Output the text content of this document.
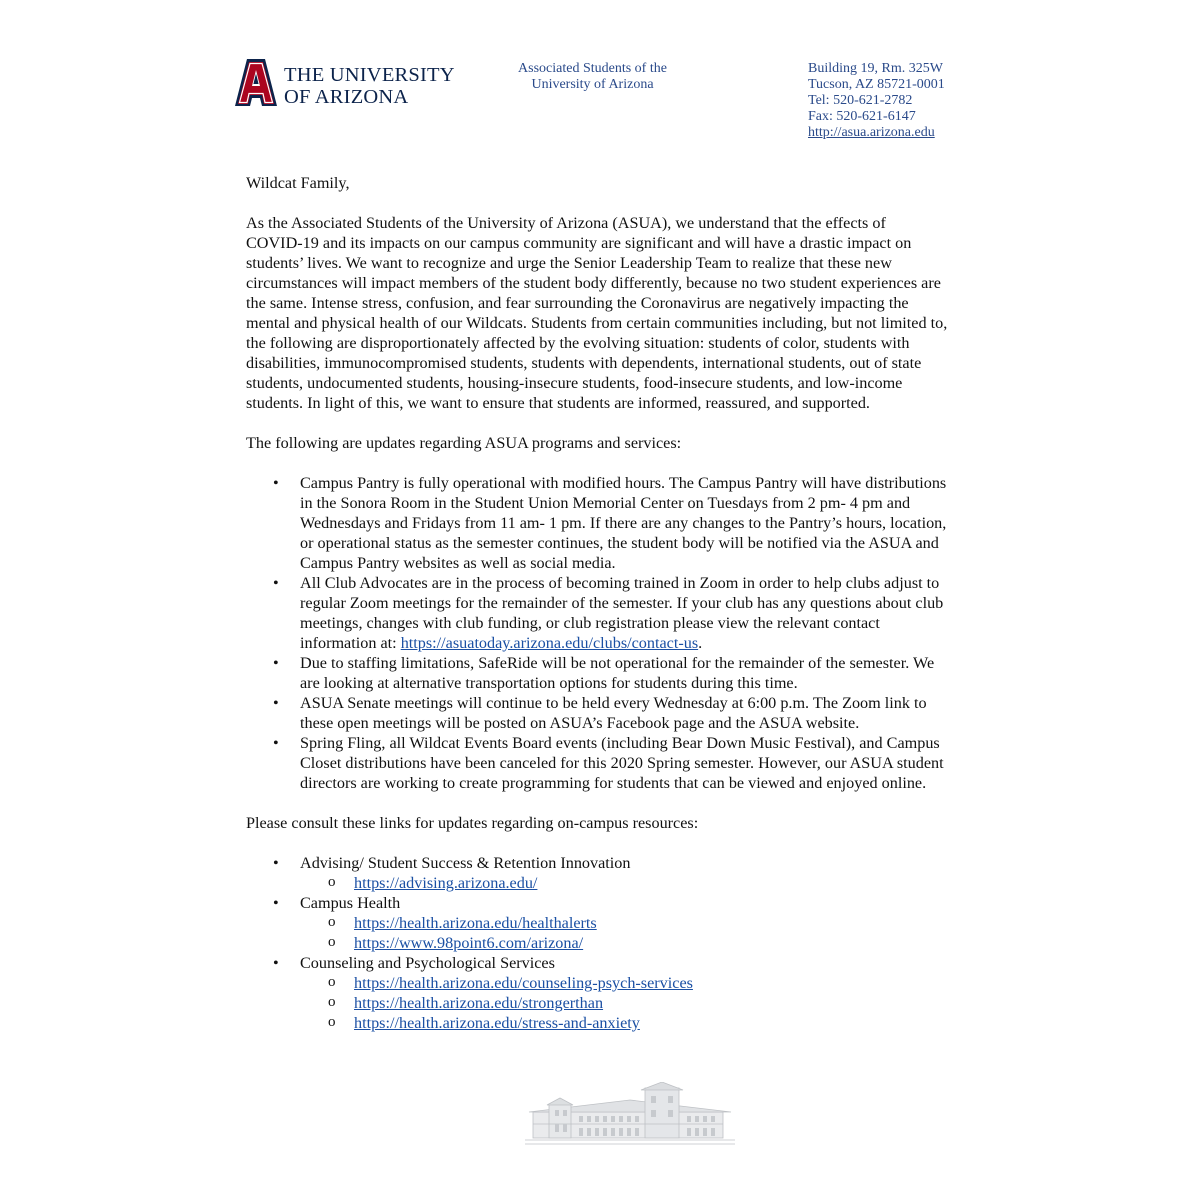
THE UNIVERSITY
OF ARIZONA
Associated Students of the
University of Arizona
Building 19, Rm. 325W
Tucson, AZ 85721-0001
Tel: 520-621-2782
Fax: 520-621-6147
http://asua.arizona.edu

Wildcat Family,

As the Associated Students of the University of Arizona (ASUA), we understand that the effects of
COVID-19 and its impacts on our campus community are significant and will have a drastic impact on
students’ lives. We want to recognize and urge the Senior Leadership Team to realize that these new
circumstances will impact members of the student body differently, because no two student experiences are
the same. Intense stress, confusion, and fear surrounding the Coronavirus are negatively impacting the
mental and physical health of our Wildcats. Students from certain communities including, but not limited to,
the following are disproportionately affected by the evolving situation: students of color, students with
disabilities, immunocompromised students, students with dependents, international students, out of state
students, undocumented students, housing-insecure students, food-insecure students, and low-income
students. In light of this, we want to ensure that students are informed, reassured, and supported.

The following are updates regarding ASUA programs and services:

• Campus Pantry is fully operational with modified hours. The Campus Pantry will have distributions
in the Sonora Room in the Student Union Memorial Center on Tuesdays from 2 pm- 4 pm and
Wednesdays and Fridays from 11 am- 1 pm. If there are any changes to the Pantry’s hours, location,
or operational status as the semester continues, the student body will be notified via the ASUA and
Campus Pantry websites as well as social media.
• All Club Advocates are in the process of becoming trained in Zoom in order to help clubs adjust to
regular Zoom meetings for the remainder of the semester. If your club has any questions about club
meetings, changes with club funding, or club registration please view the relevant contact
information at: https://asuatoday.arizona.edu/clubs/contact-us.
• Due to staffing limitations, SafeRide will be not operational for the remainder of the semester. We
are looking at alternative transportation options for students during this time.
• ASUA Senate meetings will continue to be held every Wednesday at 6:00 p.m. The Zoom link to
these open meetings will be posted on ASUA’s Facebook page and the ASUA website.
• Spring Fling, all Wildcat Events Board events (including Bear Down Music Festival), and Campus
Closet distributions have been canceled for this 2020 Spring semester. However, our ASUA student
directors are working to create programming for students that can be viewed and enjoyed online.

Please consult these links for updates regarding on-campus resources:

• Advising/ Student Success & Retention Innovation
o https://advising.arizona.edu/
• Campus Health
o https://health.arizona.edu/healthalerts
o https://www.98point6.com/arizona/
• Counseling and Psychological Services
o https://health.arizona.edu/counseling-psych-services
o https://health.arizona.edu/strongerthan
o https://health.arizona.edu/stress-and-anxiety
